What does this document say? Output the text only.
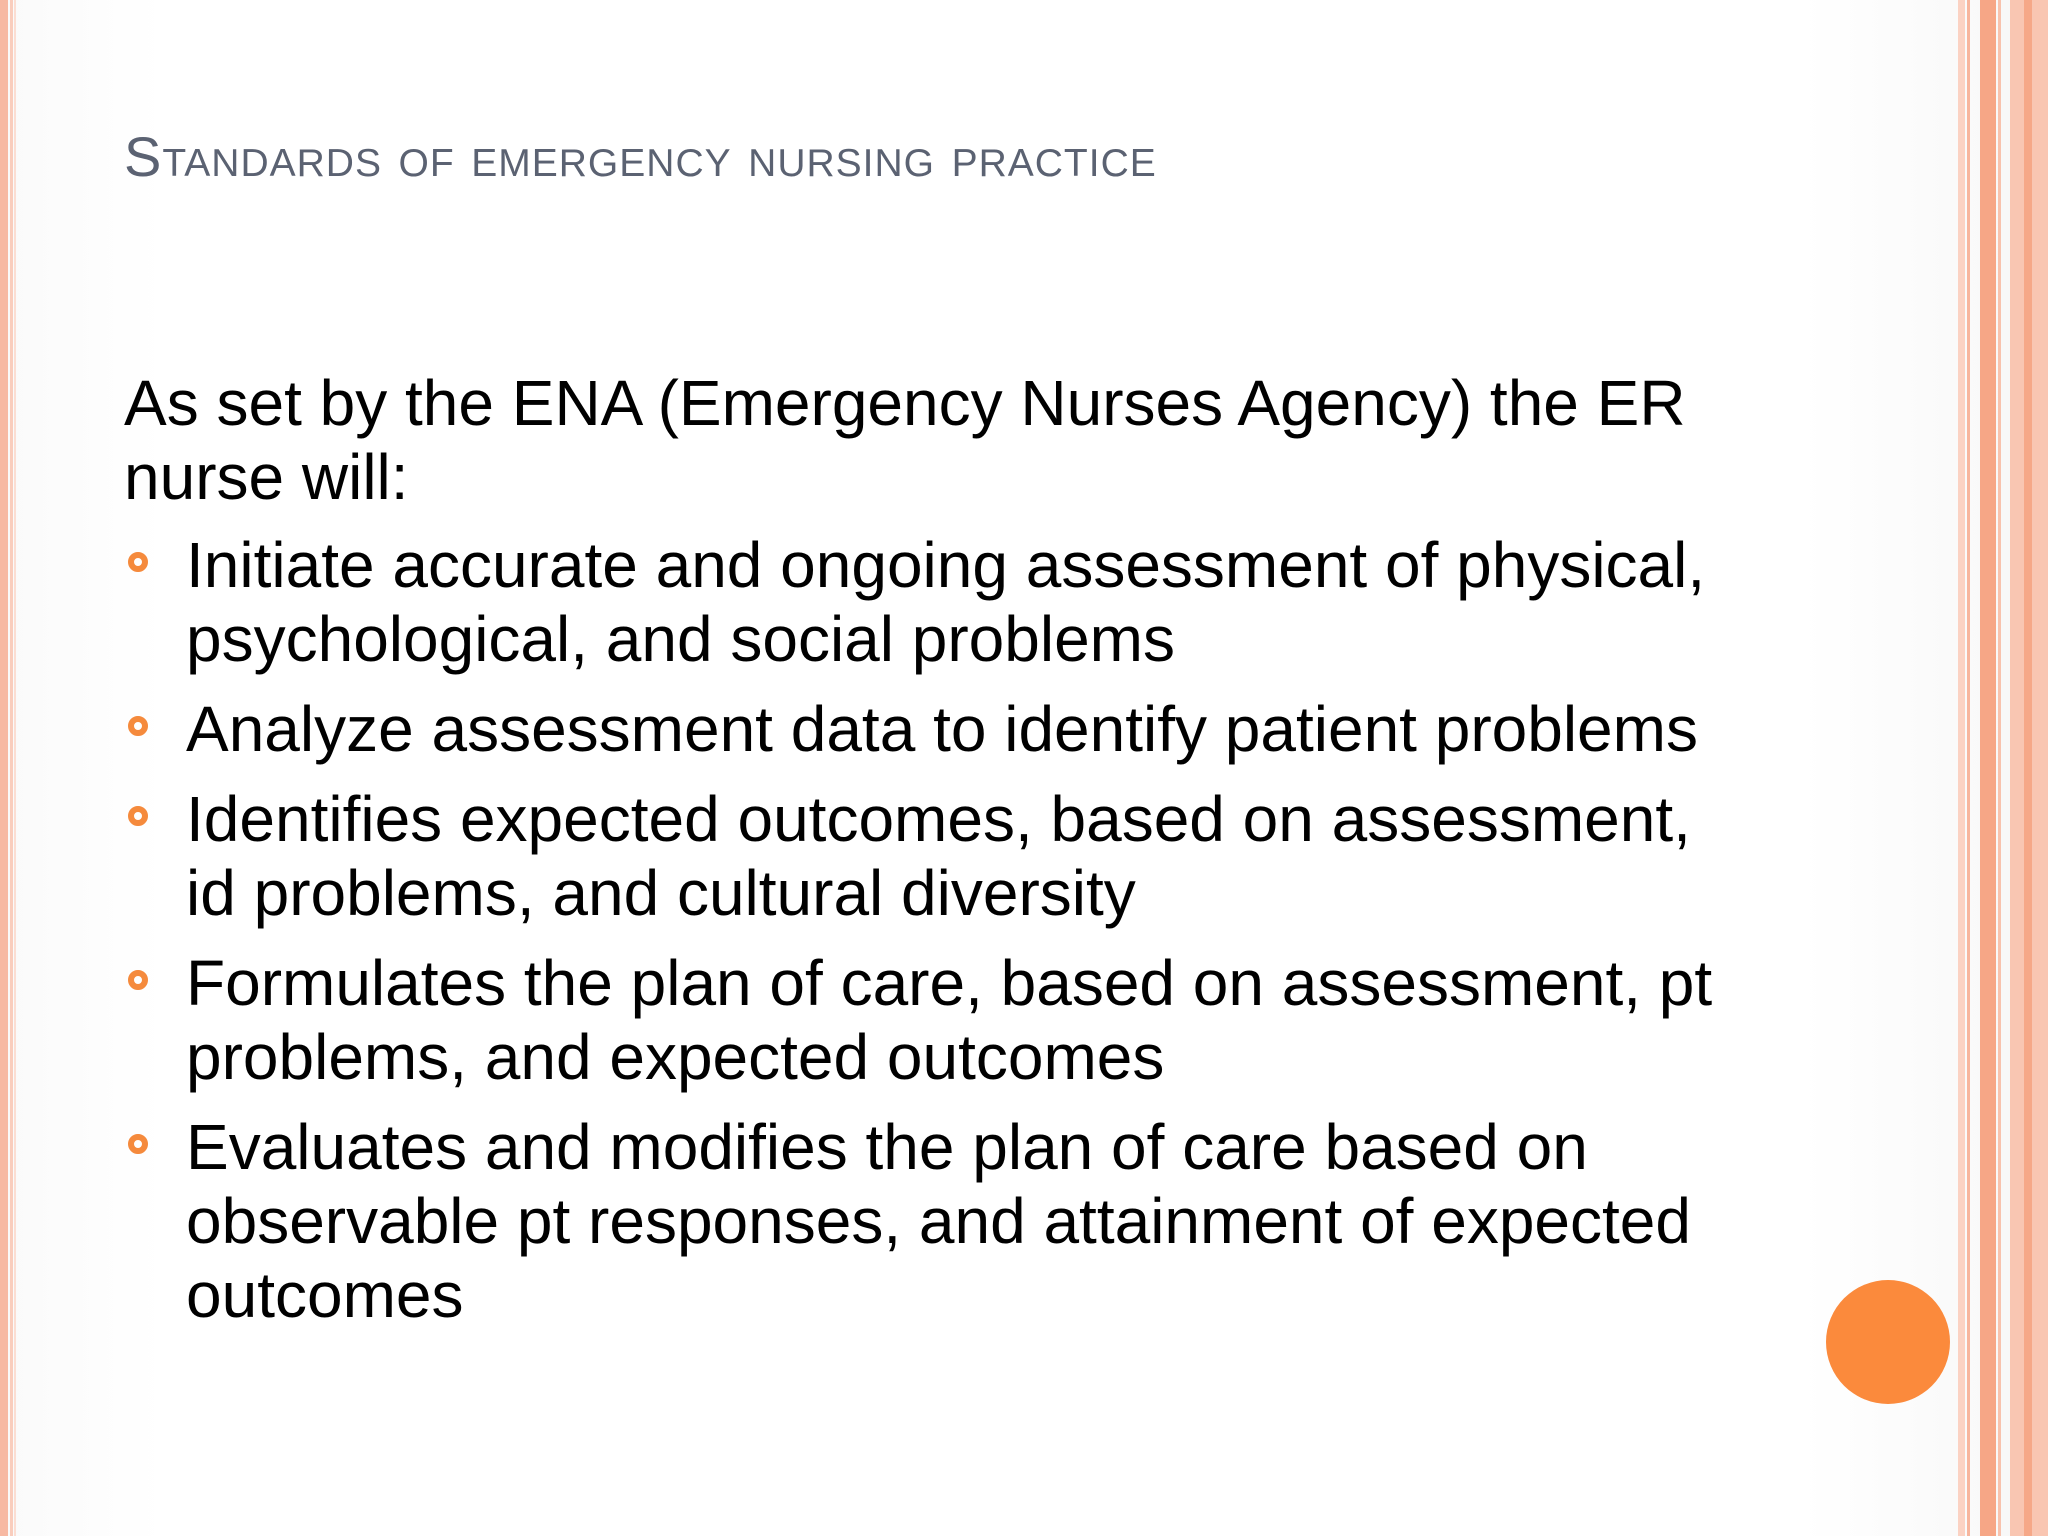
Standards of emergency nursing practice

As set by the ENA (Emergency Nurses Agency) the ER nurse will:

Initiate accurate and ongoing assessment of physical, psychological, and social problems
Analyze assessment data to identify patient problems
Identifies expected outcomes, based on assessment, id problems, and cultural diversity
Formulates the plan of care, based on assessment, pt problems, and expected outcomes
Evaluates and modifies the plan of care based on observable pt responses, and attainment of expected outcomes
